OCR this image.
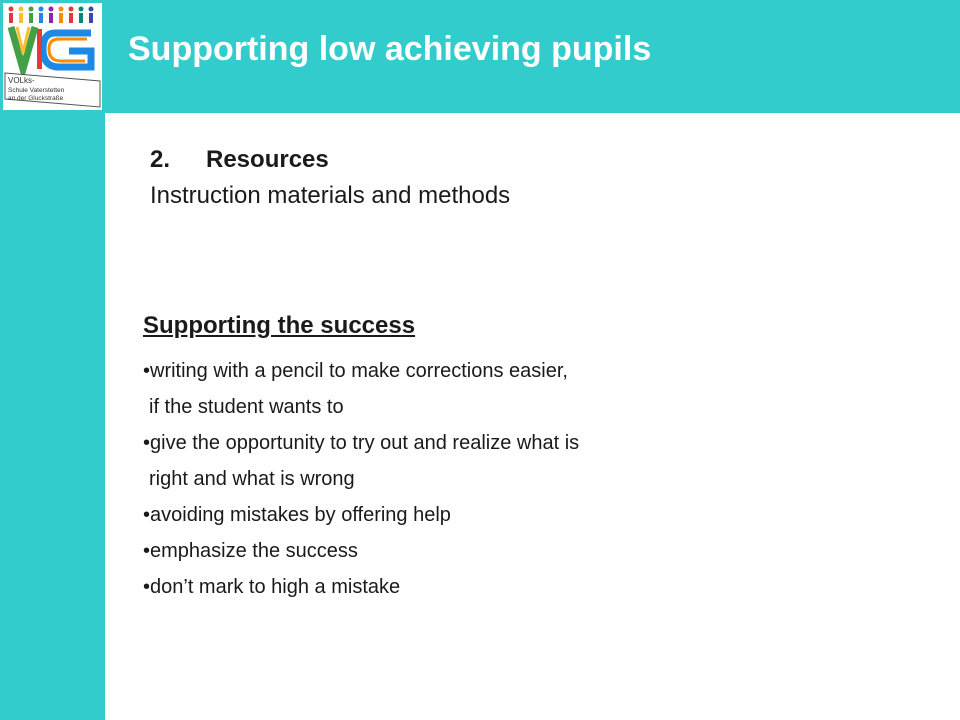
VOLks-
Schule Vaterstetten
an der Gluckstraße
Supporting low achieving pupils
2. Resources
Instruction materials and methods
Supporting the success
•writing with a pencil to make corrections easier,
if the student wants to
•give the opportunity to try out and realize what is
right and what is wrong
•avoiding mistakes by offering help
•emphasize the success
•don’t mark to high a mistake
